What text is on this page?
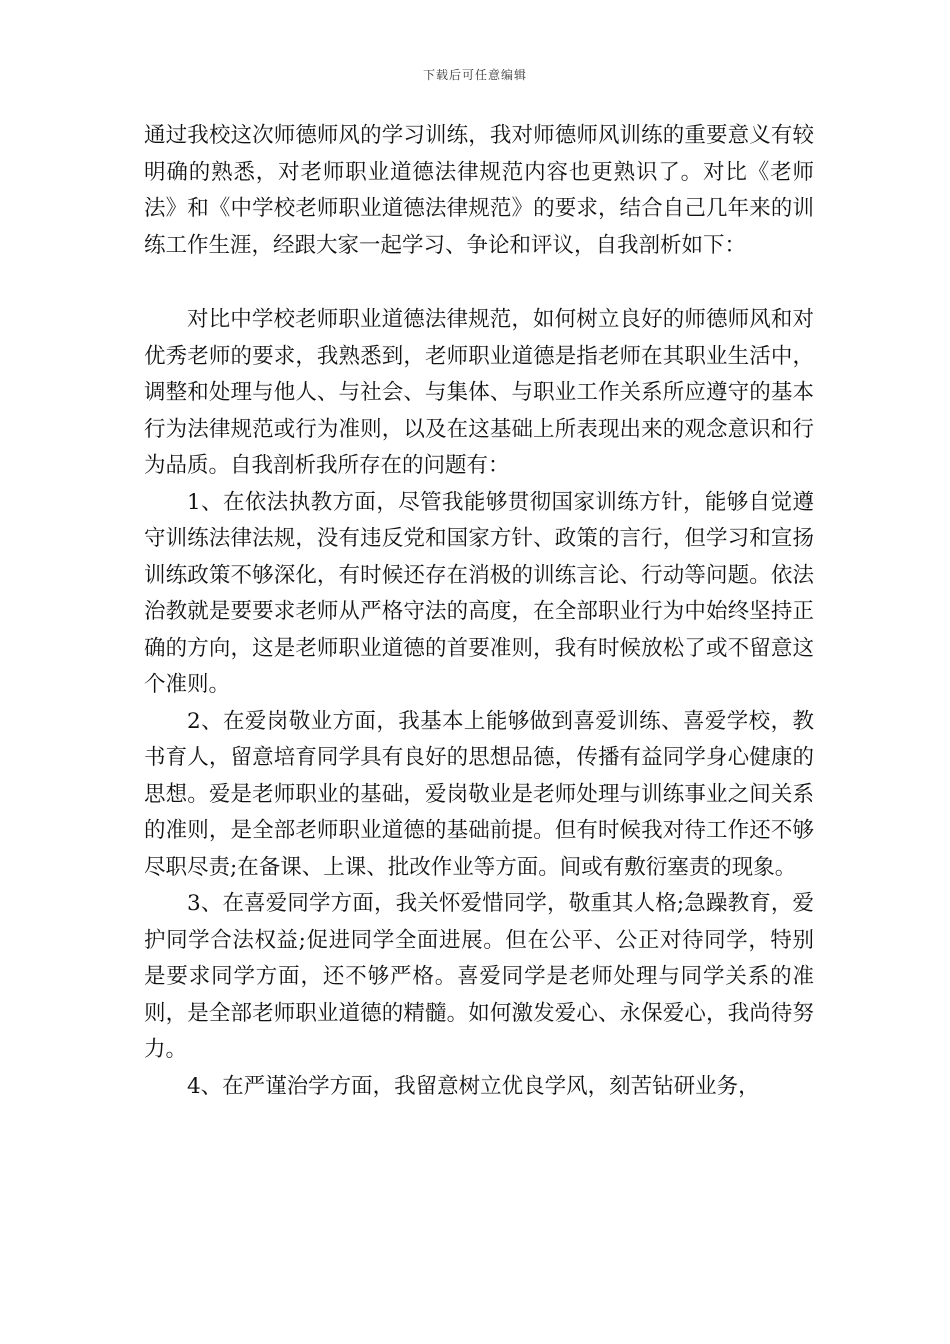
下载后可任意编辑

通过我校这次师德师风的学习训练，我对师德师风训练的重要意义有较明确的熟悉，对老师职业道德法律规范内容也更熟识了。对比《老师法》和《中学校老师职业道德法律规范》的要求，结合自己几年来的训练工作生涯，经跟大家一起学习、争论和评议，自我剖析如下：

对比中学校老师职业道德法律规范，如何树立良好的师德师风和对优秀老师的要求，我熟悉到，老师职业道德是指老师在其职业生活中，调整和处理与他人、与社会、与集体、与职业工作关系所应遵守的基本行为法律规范或行为准则，以及在这基础上所表现出来的观念意识和行为品质。自我剖析我所存在的问题有：

1、在依法执教方面，尽管我能够贯彻国家训练方针，能够自觉遵守训练法律法规，没有违反党和国家方针、政策的言行，但学习和宣扬训练政策不够深化，有时候还存在消极的训练言论、行动等问题。依法治教就是要要求老师从严格守法的高度，在全部职业行为中始终坚持正确的方向，这是老师职业道德的首要准则，我有时候放松了或不留意这个准则。

2、在爱岗敬业方面，我基本上能够做到喜爱训练、喜爱学校，教书育人，留意培育同学具有良好的思想品德，传播有益同学身心健康的思想。爱是老师职业的基础，爱岗敬业是老师处理与训练事业之间关系的准则，是全部老师职业道德的基础前提。但有时候我对待工作还不够尽职尽责;在备课、上课、批改作业等方面。间或有敷衍塞责的现象。

3、在喜爱同学方面，我关怀爱惜同学，敬重其人格;急躁教育，爱护同学合法权益;促进同学全面进展。但在公平、公正对待同学，特别是要求同学方面，还不够严格。喜爱同学是老师处理与同学关系的准则，是全部老师职业道德的精髓。如何激发爱心、永保爱心，我尚待努力。

4、在严谨治学方面，我留意树立优良学风，刻苦钻研业务，
